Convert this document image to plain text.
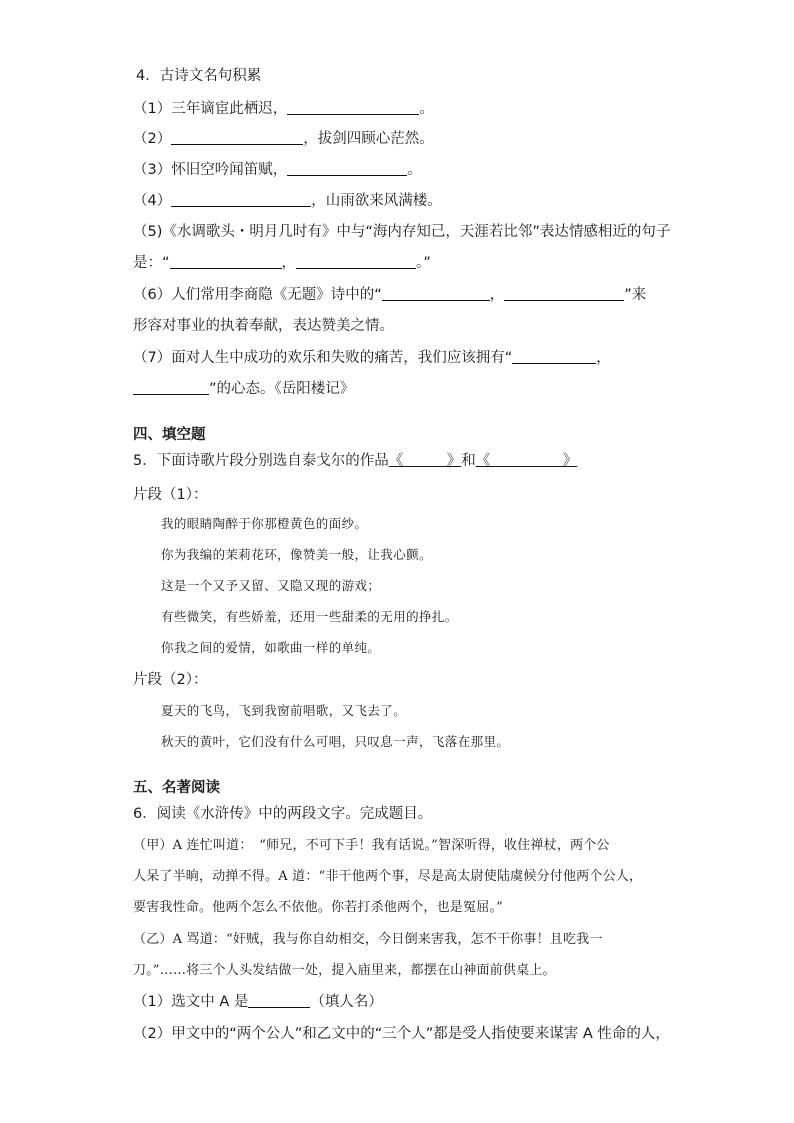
4．古诗文名句积累
（1）三年谪宦此栖迟，	。
（2）	，拔剑四顾心茫然。
（3）怀旧空吟闻笛赋，	。
（4）	，山雨欲来风满楼。
（5)《水调歌头・明月几时有》中与“海内存知己，天涯若比邻”表达情感相近的句子
是：“	，	。”
（6）人们常用李商隐《无题》诗中的“	，	”来
形容对事业的执着奉献，表达赞美之情。
（7）面对人生中成功的欢乐和失败的痛苦，我们应该拥有“	，
”的心态。《岳阳楼记》
四、填空题
5．下面诗歌片段分别选自泰戈尔的作品《　　　》和《　　　　　》
片段（1）：
我的眼睛陶醉于你那橙黄色的面纱。
你为我编的茉莉花环，像赞美一般，让我心颤。
这是一个又予又留、又隐又现的游戏；
有些微笑，有些娇羞，还用一些甜柔的无用的挣扎。
你我之间的爱情，如歌曲一样的单纯。
片段（2）：
夏天的飞鸟，飞到我窗前唱歌，又飞去了。
秋天的黄叶，它们没有什么可唱，只叹息一声，飞落在那里。
五、名著阅读
6．阅读《水浒传》中的两段文字。完成题目。
（甲）A 连忙叫道：　“师兄，不可下手！我有话说。”智深听得，收住禅杖，两个公
人呆了半晌，动掸不得。A 道：“非干他两个事，尽是高太尉使陆虞候分付他两个公人，
要害我性命。他两个怎么不依他。你若打杀他两个，也是冤屈。”
（乙）A 骂道：“奸贼，我与你自幼相交，今日倒来害我，怎不干你事！且吃我一
刀。”……将三个人头发结做一处，提入庙里来，都摆在山神面前供桌上。
（1）选文中 A 是	（填人名）
（2）甲文中的“两个公人”和乙文中的“三个人”都是受人指使要来谋害 A 性命的人，
